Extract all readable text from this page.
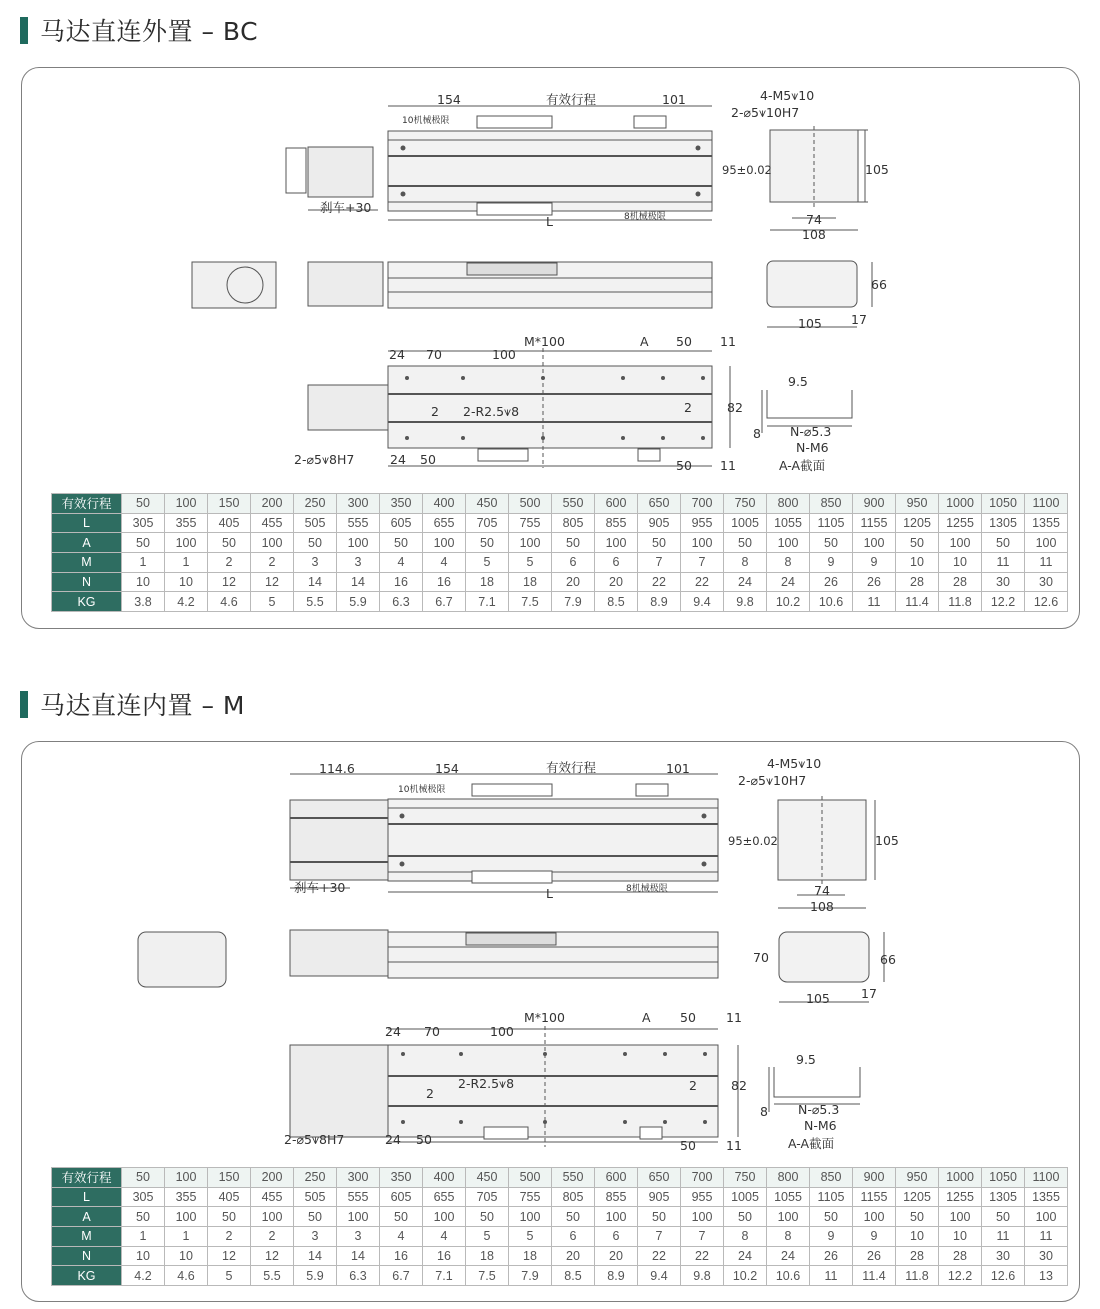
马达直连外置 – BC
154	有效行程	101
10机械极限
8机械极限
刹车+30
L
4-M5⩛10
2-⌀5⩛10H7
95±0.02	105
74
108
66
105 17
24 70	100
M*100	A 50 11
82
2-R2.5⩛8
2	2
2-⌀5⩛8H7	24 50	50 11
9.5
8 N-⌀5.3
N-M6
A-A截面
有效行程	50	100	150	200	250	300	350	400	450	500	550	600	650	700	750	800	850	900	950	1000	1050	1100
L	305	355	405	455	505	555	605	655	705	755	805	855	905	955	1005	1055	1105	1155	1205	1255	1305	1355
A	50	100	50	100	50	100	50	100	50	100	50	100	50	100	50	100	50	100	50	100	50	100
M	1	1	2	2	3	3	4	4	5	5	6	6	7	7	8	8	9	9	10	10	11	11
N	10	10	12	12	14	14	16	16	18	18	20	20	22	22	24	24	26	26	28	28	30	30
KG	3.8	4.2	4.6	5	5.5	5.9	6.3	6.7	7.1	7.5	7.9	8.5	8.9	9.4	9.8	10.2	10.6	11	11.4	11.8	12.2	12.6
马达直连内置 – M
114.6	154	有效行程	101
10机械极限
8机械极限
刹车+30	L
4-M5⩛10
2-⌀5⩛10H7
95±0.02	105
74
108
70	66
105 17
24 70	100
M*100	A 50 11
82
2-R2.5⩛8
2
2
2-⌀5⩛8H7	24 50	50 11
9.5
8 N-⌀5.3
N-M6
A-A截面
有效行程	50	100	150	200	250	300	350	400	450	500	550	600	650	700	750	800	850	900	950	1000	1050	1100
L	305	355	405	455	505	555	605	655	705	755	805	855	905	955	1005	1055	1105	1155	1205	1255	1305	1355
A	50	100	50	100	50	100	50	100	50	100	50	100	50	100	50	100	50	100	50	100	50	100
M	1	1	2	2	3	3	4	4	5	5	6	6	7	7	8	8	9	9	10	10	11	11
N	10	10	12	12	14	14	16	16	18	18	20	20	22	22	24	24	26	26	28	28	30	30
KG	4.2	4.6	5	5.5	5.9	6.3	6.7	7.1	7.5	7.9	8.5	8.9	9.4	9.8	10.2	10.6	11	11.4	11.8	12.2	12.6	13
